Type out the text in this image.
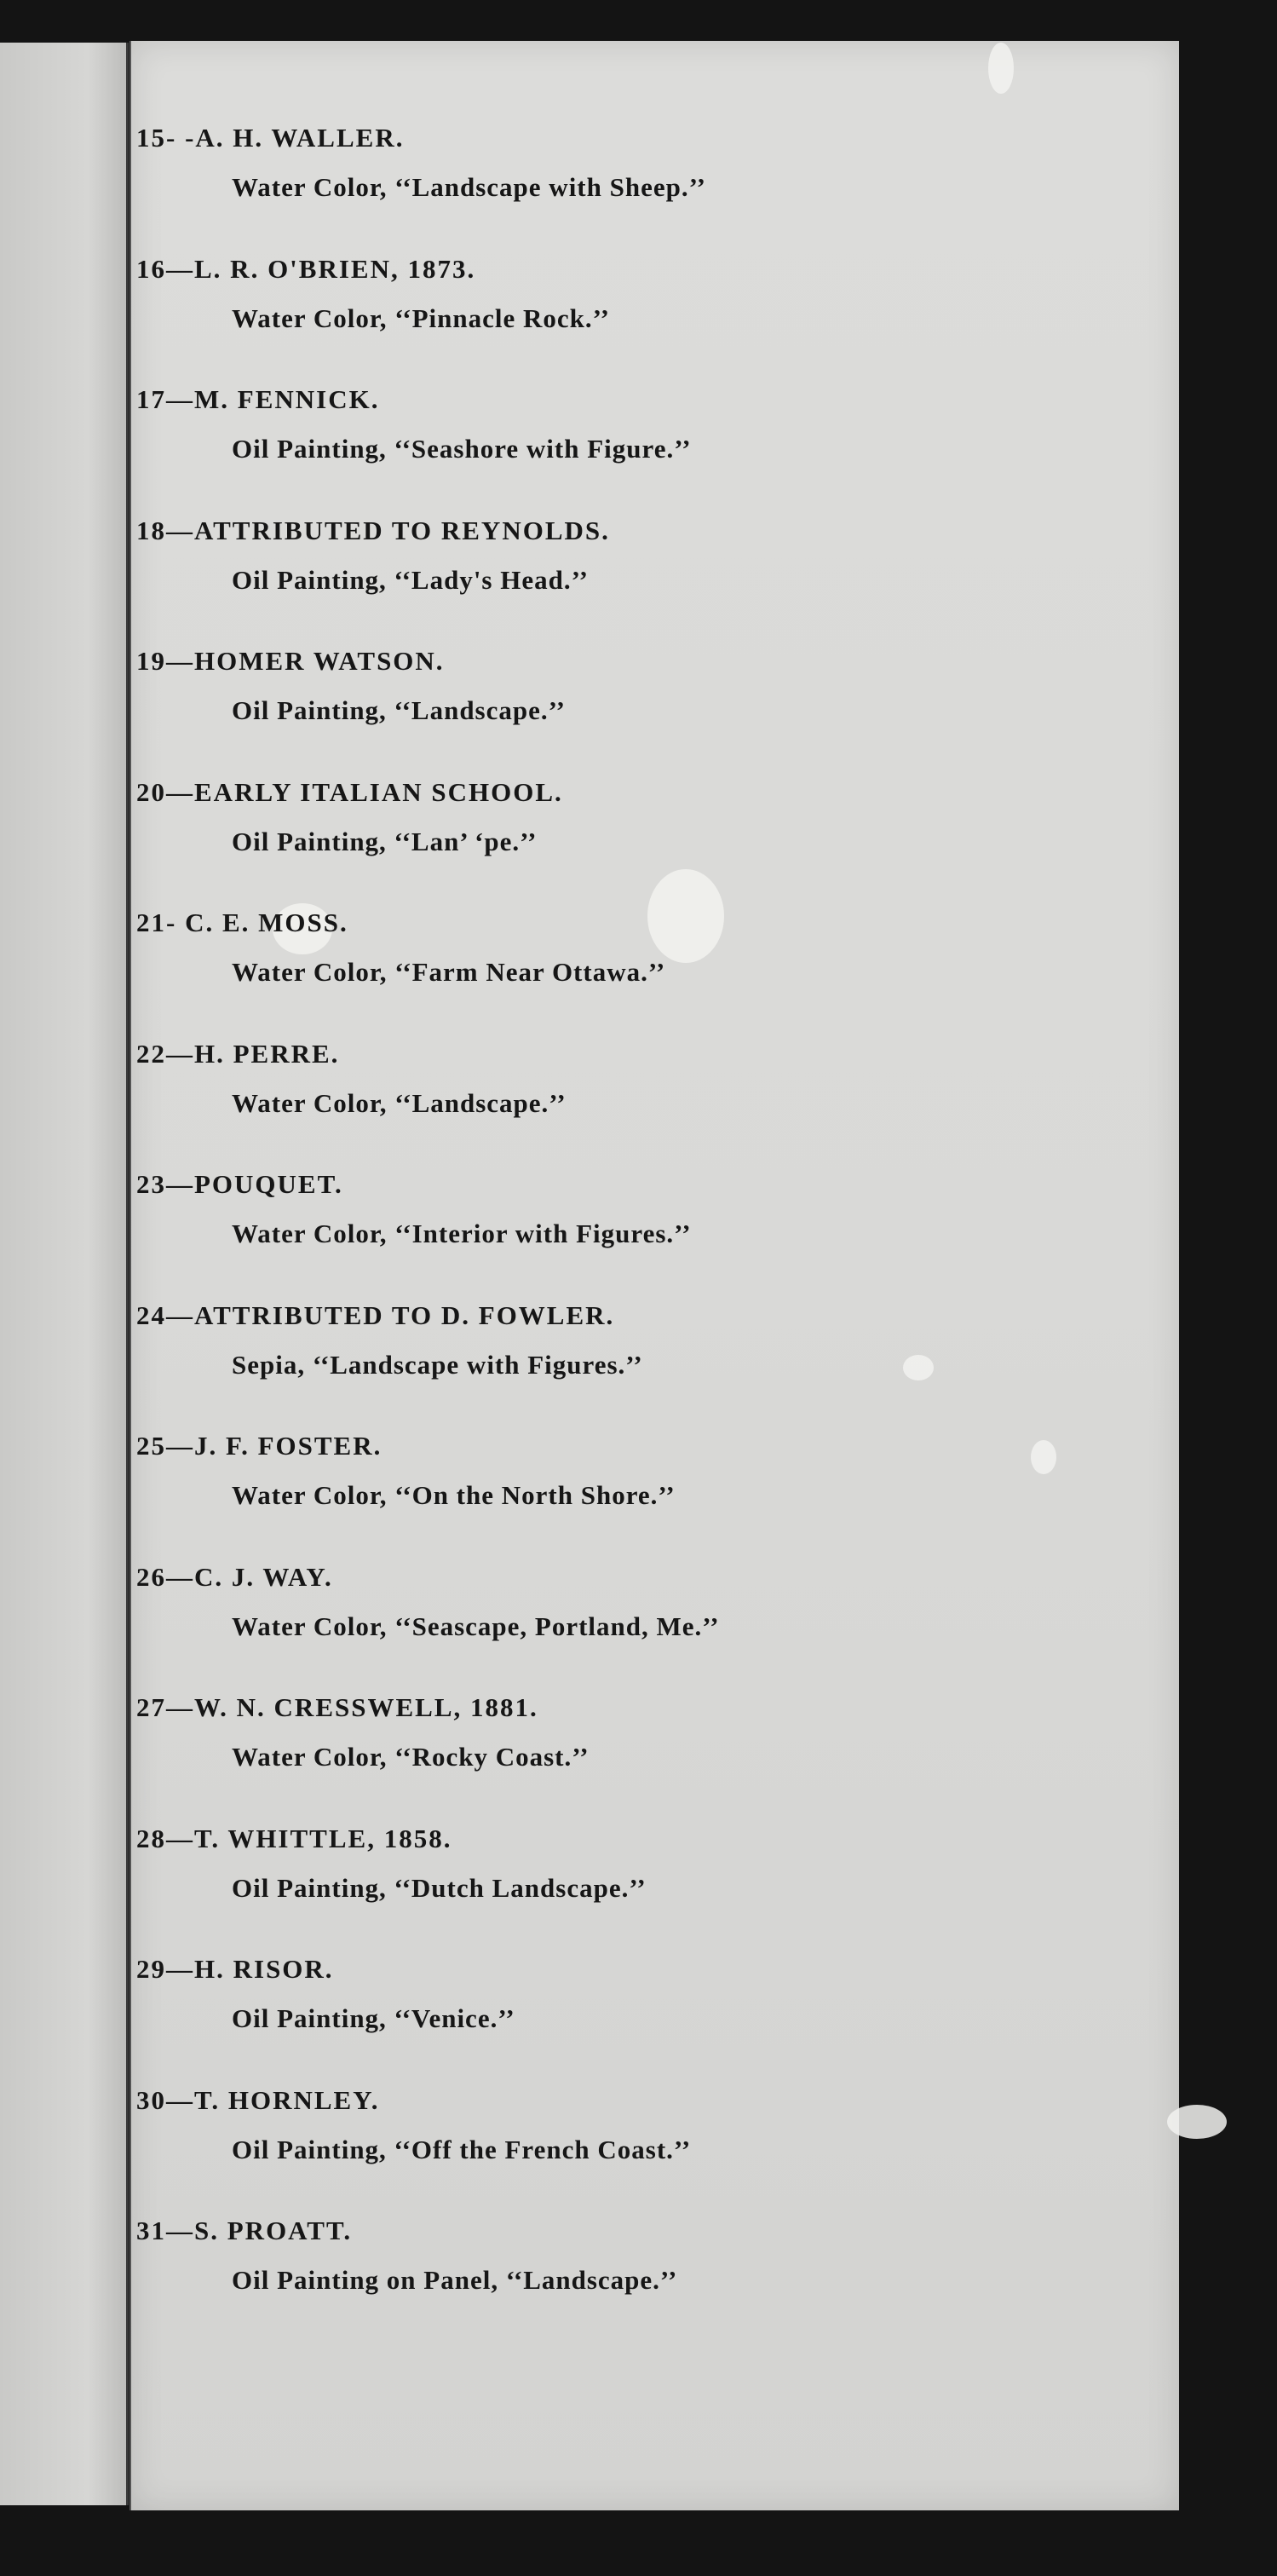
15- -A. H. WALLER.

Water Color, ‘‘Landscape with Sheep.’’

16—L. R. O'BRIEN, 1873.

Water Color, ‘‘Pinnacle Rock.’’

17—M. FENNICK.

Oil Painting, ‘‘Seashore with Figure.’’

18—ATTRIBUTED TO REYNOLDS.

Oil Painting, ‘‘Lady's Head.’’

19—HOMER WATSON.

Oil Painting, ‘‘Landscape.’’

20—EARLY ITALIAN SCHOOL.

Oil Painting, ‘‘Lan’ ‘pe.’’

21- C. E. MOSS.

Water Color, ‘‘Farm Near Ottawa.’’

22—H. PERRE.

Water Color, ‘‘Landscape.’’

23—POUQUET.

Water Color, ‘‘Interior with Figures.’’

24—ATTRIBUTED TO D. FOWLER.

Sepia, ‘‘Landscape with Figures.’’

25—J. F. FOSTER.

Water Color, ‘‘On the North Shore.’’

26—C. J. WAY.

Water Color, ‘‘Seascape, Portland, Me.’’

27—W. N. CRESSWELL, 1881.

Water Color, ‘‘Rocky Coast.’’

28—T. WHITTLE, 1858.

Oil Painting, ‘‘Dutch Landscape.’’

29—H. RISOR.

Oil Painting, ‘‘Venice.’’

30—T. HORNLEY.

Oil Painting, ‘‘Off the French Coast.’’

31—S. PROATT.

Oil Painting on Panel, ‘‘Landscape.’’
